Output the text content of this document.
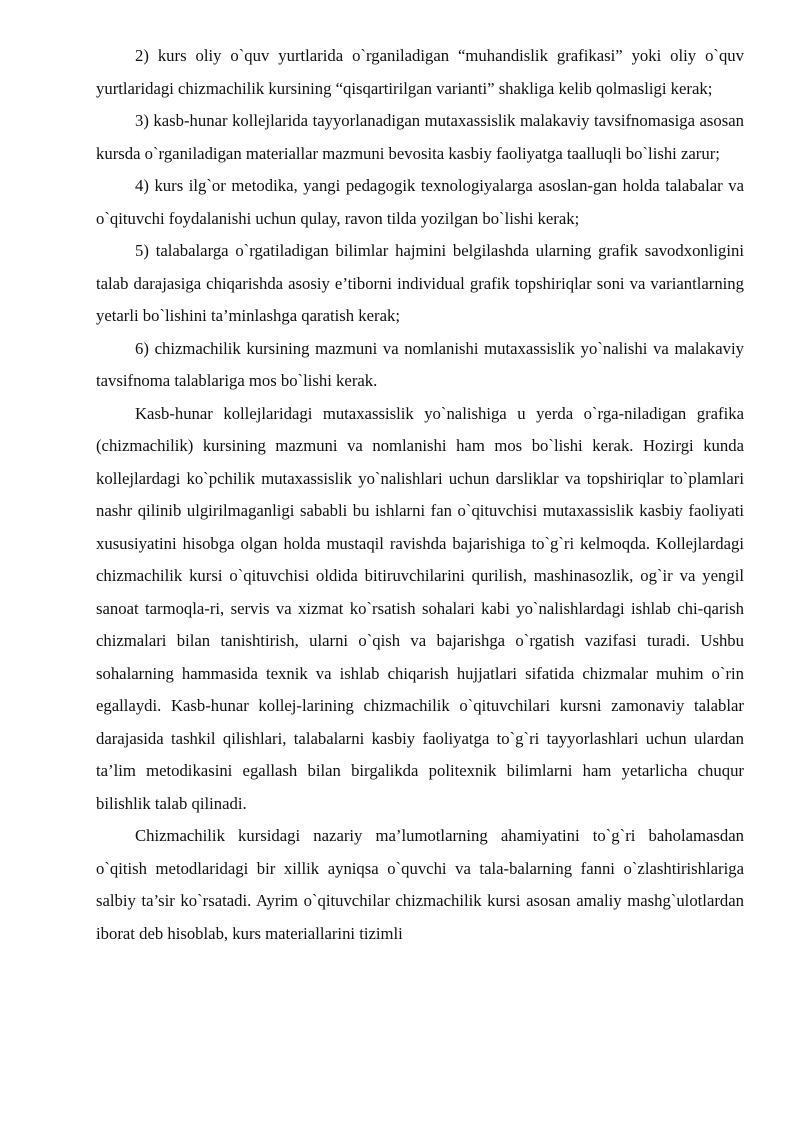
2) kurs oliy o`quv yurtlarida o`rganiladigan “muhandislik grafikasi” yoki oliy o`quv yurtlaridagi chizmachilik kursining “qisqartirilgan varianti” shakliga kelib qolmasligi kerak;

3) kasb-hunar kollejlarida tayyorlanadigan mutaxassislik malakaviy tavsifnomasiga asosan kursda o`rganiladigan materiallar mazmuni bevosita kasbiy faoliyatga taalluqli bo`lishi zarur;

4) kurs ilg`or metodika, yangi pedagogik texnologiyalarga asoslan-gan holda talabalar va o`qituvchi foydalanishi uchun qulay, ravon tilda yozilgan bo`lishi kerak;

5) talabalarga o`rgatiladigan bilimlar hajmini belgilashda ularning grafik savodxonligini talab darajasiga chiqarishda asosiy e’tiborni individual grafik topshiriqlar soni va variantlarning yetarli bo`lishini ta’minlashga qaratish kerak;

6) chizmachilik kursining mazmuni va nomlanishi mutaxassislik yo`nalishi va malakaviy tavsifnoma talablariga mos bo`lishi kerak.

Kasb-hunar kollejlaridagi mutaxassislik yo`nalishiga u yerda o`rga-niladigan grafika (chizmachilik) kursining mazmuni va nomlanishi ham mos bo`lishi kerak. Hozirgi kunda kollejlardagi ko`pchilik mutaxassislik yo`nalishlari uchun darsliklar va topshiriqlar to`plamlari nashr qilinib ulgirilmaganligi sababli bu ishlarni fan o`qituvchisi mutaxassislik kasbiy faoliyati xususiyatini hisobga olgan holda mustaqil ravishda bajarishiga to`g`ri kelmoqda. Kollejlardagi chizmachilik kursi o`qituvchisi oldida bitiruvchilarini qurilish, mashinasozlik, og`ir va yengil sanoat tarmoqla-ri, servis va xizmat ko`rsatish sohalari kabi yo`nalishlardagi ishlab chi-qarish chizmalari bilan tanishtirish, ularni o`qish va bajarishga o`rgatish vazifasi turadi. Ushbu sohalarning hammasida texnik va ishlab chiqarish hujjatlari sifatida chizmalar muhim o`rin egallaydi. Kasb-hunar kollej-larining chizmachilik o`qituvchilari kursni zamonaviy talablar darajasida tashkil qilishlari, talabalarni kasbiy faoliyatga to`g`ri tayyorlashlari uchun ulardan ta’lim metodikasini egallash bilan birgalikda politexnik bilimlarni ham yetarlicha chuqur bilishlik talab qilinadi.

Chizmachilik kursidagi nazariy ma’lumotlarning ahamiyatini to`g`ri baholamasdan o`qitish metodlaridagi bir xillik ayniqsa o`quvchi va tala-balarning fanni o`zlashtirishlariga salbiy ta’sir ko`rsatadi. Ayrim o`qituvchilar chizmachilik kursi asosan amaliy mashg`ulotlardan iborat deb hisoblab, kurs materiallarini tizimli
